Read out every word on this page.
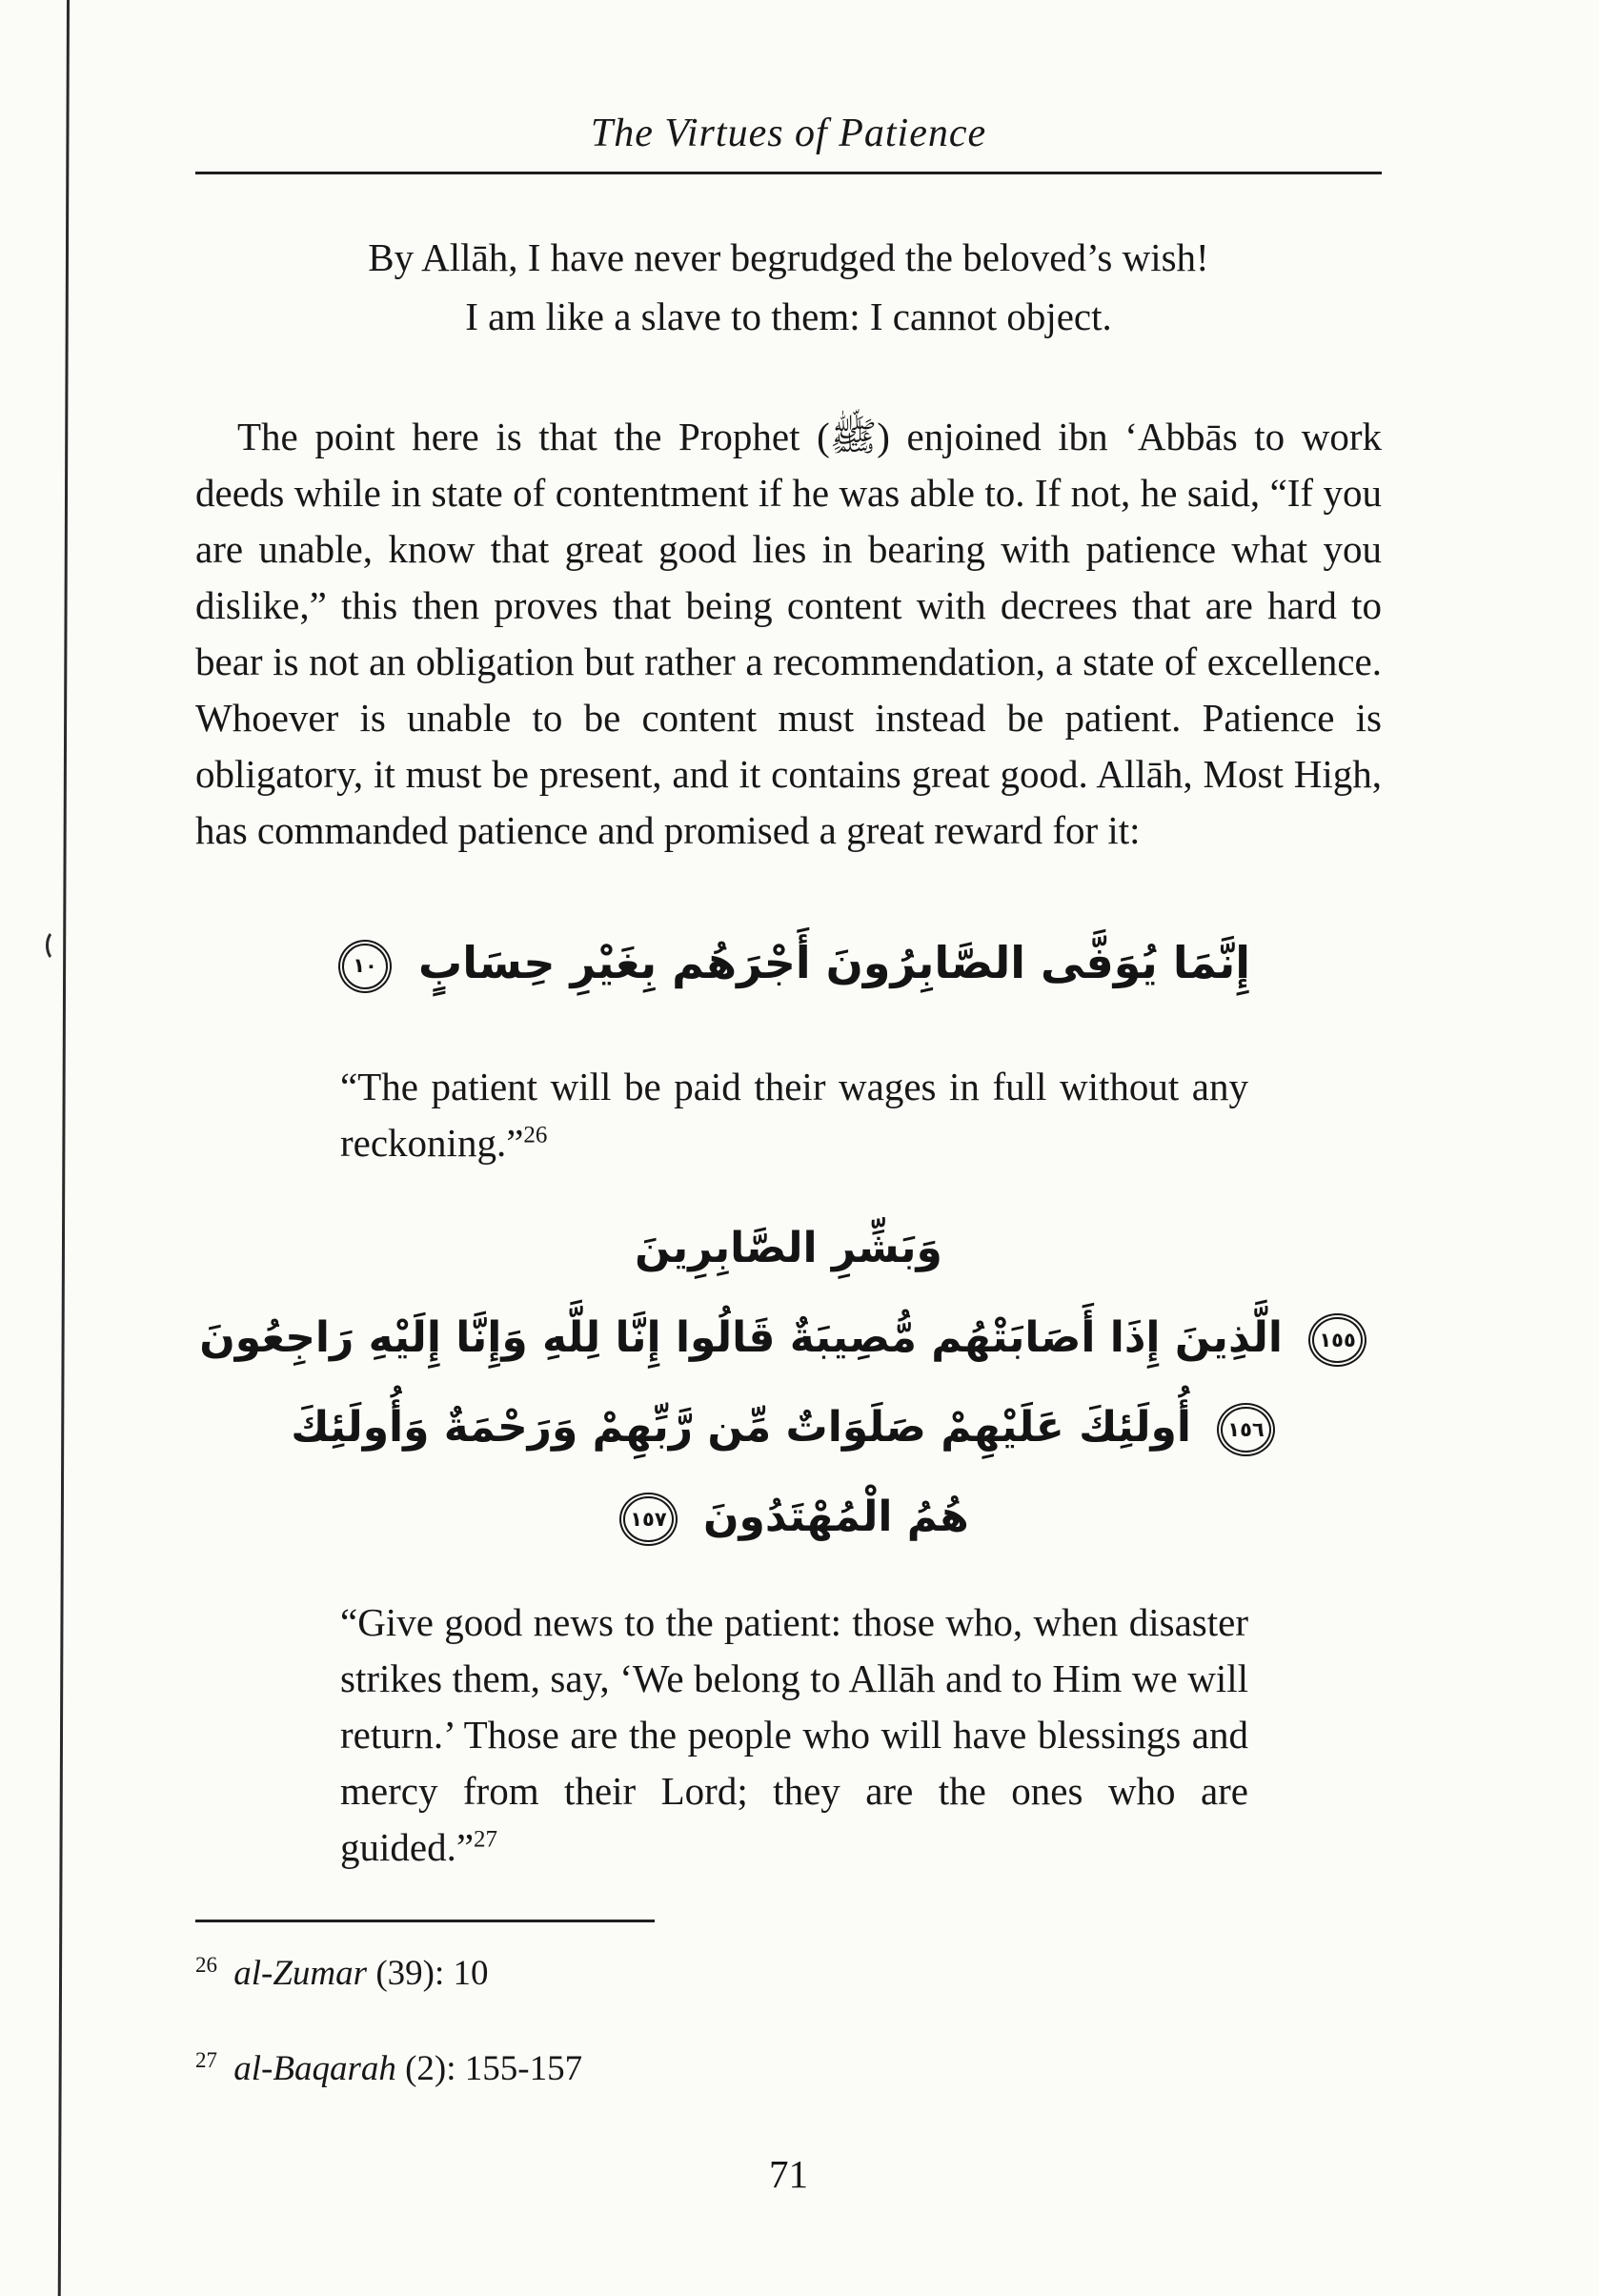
The Virtues of Patience
By Allāh, I have never begrudged the beloved’s wish!
I am like a slave to them: I cannot object.

The point here is that the Prophet (ﷺ) enjoined ibn ‘Abbās to work deeds while in state of contentment if he was able to. If not, he said, “If you are unable, know that great good lies in bearing with patience what you dislike,” this then proves that being content with decrees that are hard to bear is not an obligation but rather a recommendation, a state of excellence. Whoever is unable to be content must instead be patient. Patience is obligatory, it must be present, and it contains great good. Allāh, Most High, has commanded patience and promised a great reward for it:

إِنَّمَا يُوَفَّى الصَّابِرُونَ أَجْرَهُم بِغَيْرِ حِسَابٍ ١٠
“The patient will be paid their wages in full without any reckoning.”$^{26}$
وَبَشِّرِ الصَّابِرِينَ
١٥٥ الَّذِينَ إِذَا أَصَابَتْهُم مُّصِيبَةٌ قَالُوا إِنَّا لِلَّهِ وَإِنَّا إِلَيْهِ رَاجِعُونَ
١٥٦ أُولَئِكَ عَلَيْهِمْ صَلَوَاتٌ مِّن رَّبِّهِمْ وَرَحْمَةٌ وَأُولَئِكَ
هُمُ الْمُهْتَدُونَ ١٥٧
“Give good news to the patient: those who, when disaster strikes them, say, ‘We belong to Allāh and to Him we will return.’ Those are the people who will have blessings and mercy from their Lord; they are the ones who are guided.”$^{27}$
$^{26}$ al-Zumar (39): 10
$^{27}$ al-Baqarah (2): 155-157
71
